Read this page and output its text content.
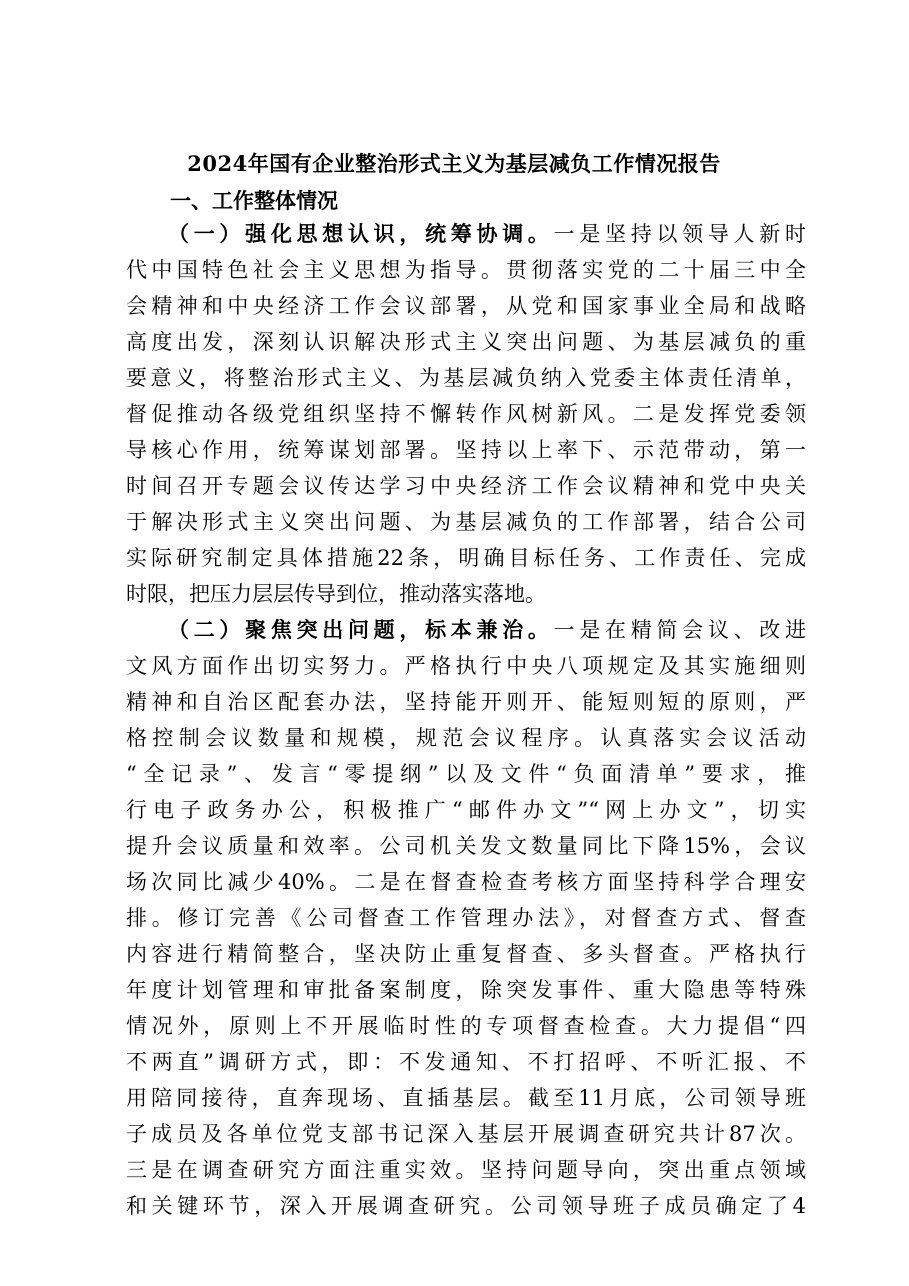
2024年国有企业整治形式主义为基层减负工作情况报告
一、工作整体情况
（一）强化思想认识，统筹协调。一是坚持以领导人新时
代中国特色社会主义思想为指导。贯彻落实党的二十届三中全
会精神和中央经济工作会议部署，从党和国家事业全局和战略
高度出发，深刻认识解决形式主义突出问题、为基层减负的重
要意义，将整治形式主义、为基层减负纳入党委主体责任清单，
督促推动各级党组织坚持不懈转作风树新风。二是发挥党委领
导核心作用，统筹谋划部署。坚持以上率下、示范带动，第一
时间召开专题会议传达学习中央经济工作会议精神和党中央关
于解决形式主义突出问题、为基层减负的工作部署，结合公司
实际研究制定具体措施22条，明确目标任务、工作责任、完成
时限，把压力层层传导到位，推动落实落地。
（二）聚焦突出问题，标本兼治。一是在精简会议、改进
文风方面作出切实努力。严格执行中央八项规定及其实施细则
精神和自治区配套办法，坚持能开则开、能短则短的原则，严
格控制会议数量和规模，规范会议程序。认真落实会议活动
“全记录”、发言“零提纲”以及文件“负面清单”要求，推
行电子政务办公，积极推广“邮件办文”“网上办文”，切实
提升会议质量和效率。公司机关发文数量同比下降15%，会议
场次同比减少40%。二是在督查检查考核方面坚持科学合理安
排。修订完善《公司督查工作管理办法》，对督查方式、督查
内容进行精简整合，坚决防止重复督查、多头督查。严格执行
年度计划管理和审批备案制度，除突发事件、重大隐患等特殊
情况外，原则上不开展临时性的专项督查检查。大力提倡“四
不两直”调研方式，即：不发通知、不打招呼、不听汇报、不
用陪同接待，直奔现场、直插基层。截至11月底，公司领导班
子成员及各单位党支部书记深入基层开展调查研究共计87次。
三是在调查研究方面注重实效。坚持问题导向，突出重点领域
和关键环节，深入开展调查研究。公司领导班子成员确定了4
